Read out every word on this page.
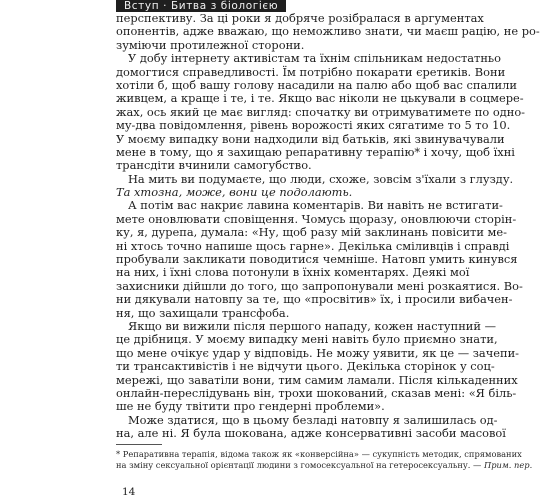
Вступ · Битва з біологією
перспективу. За ці роки я добряче розібралася в аргументах
опонентів, адже вважаю, що неможливо знати, чи маєш рацію, не ро-
зуміючи протилежної сторони.
У добу інтернету активістам та їхнім спільникам недостатньо
домогтися справедливості. Їм потрібно покарати єретиків. Вони
хотіли б, щоб вашу голову насадили на палю або щоб вас спалили
живцем, а краще і те, і те. Якщо вас ніколи не цькували в соцмере-
жах, ось який це має вигляд: спочатку ви отримуватимете по одно-
му-два повідомлення, рівень ворожості яких сягатиме то 5 то 10.
У моєму випадку вони надходили від батьків, які звинувачували
мене в тому, що я захищаю репаративну терапію* і хочу, щоб їхні
трансдіти вчинили самогубство.
На мить ви подумаєте, що люди, схоже, зовсім з'їхали з глузду.
Та хтозна, може, вони це подолають.
А потім вас накриє лавина коментарів. Ви навіть не встигати-
мете оновлювати сповіщення. Чомусь щоразу, оновлюючи сторін-
ку, я, дурепа, думала: «Ну, щоб разу мій заклинань повісити ме-
ні хтось точно напише щось гарне». Декілька сміливців і справді
пробували закликати поводитися чемніше. Натовп умить кинувся
на них, і їхні слова потонули в їхніх коментарях. Деякі мої
захисники дійшли до того, що запропонували мені розкаятися. Во-
ни дякували натовпу за те, що «просвітив» їх, і просили вибачен-
ня, що захищали трансфоба.
Якщо ви вижили після першого нападу, кожен наступний —
це дрібниця. У моєму випадку мені навіть було приємно знати,
що мене очікує удар у відповідь. Не можу уявити, як це — зачепи-
ти трансактивістів і не відчути цього. Декілька сторінок у соц-
мережі, що заватіли вони, тим самим ламали. Після кількаденних
онлайн-переслідувань він, трохи шокований, сказав мені: «Я біль-
ше не буду твітити про гендерні проблеми».
Може здатися, що в цьому безладі натовпу я залишилась од-
на, але ні. Я була шокована, адже консервативні засоби масової
* Репаративна терапія, відома також як «конверсійна» — сукупність методик, спрямованих
на зміну сексуальної орієнтації людини з гомосексуальної на гетеросексуальну. — Прим. пер.
14
